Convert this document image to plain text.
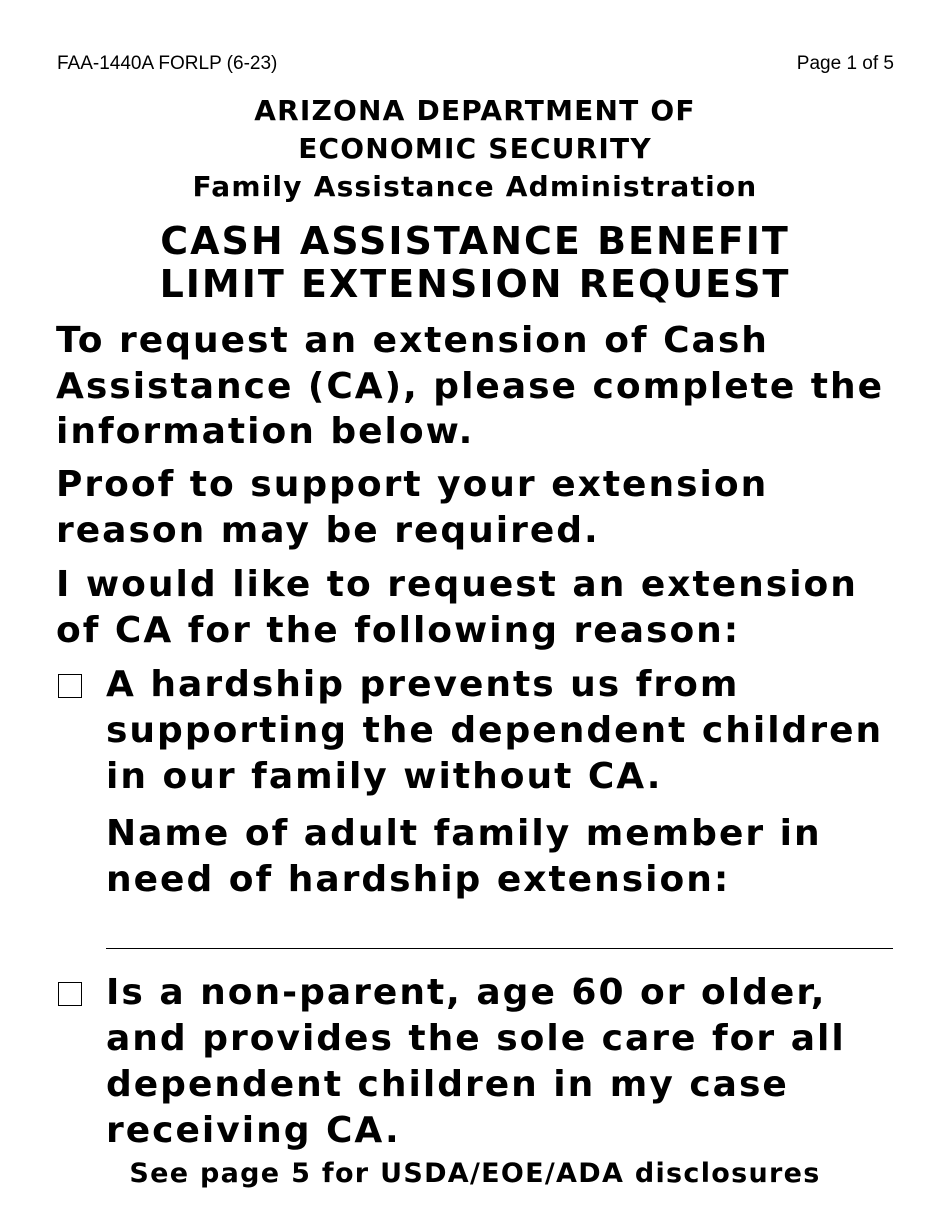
FAA-1440A FORLP (6-23)	Page 1 of 5
ARIZONA DEPARTMENT OF
ECONOMIC SECURITY
Family Assistance Administration
CASH ASSISTANCE BENEFIT
LIMIT EXTENSION REQUEST
To request an extension of Cash
Assistance (CA), please complete the
information below.
Proof to support your extension
reason may be required.
I would like to request an extension
of CA for the following reason:
A hardship prevents us from
supporting the dependent children
in our family without CA.
Name of adult family member in
need of hardship extension:
Is a non-parent, age 60 or older,
and provides the sole care for all
dependent children in my case
receiving CA.
See page 5 for USDA/EOE/ADA disclosures
